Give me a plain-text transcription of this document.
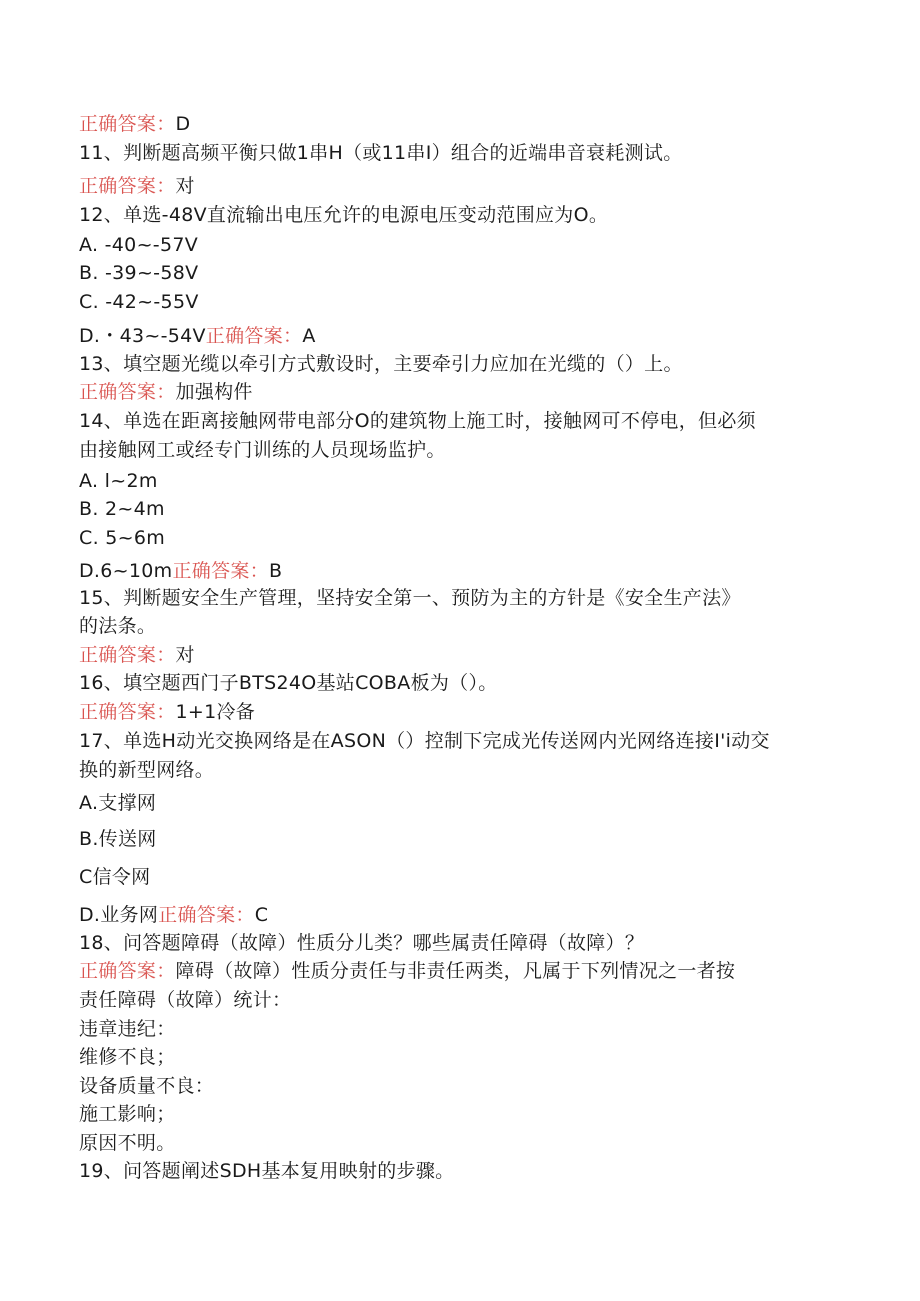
正确答案：D
11、判断题高频平衡只做1串H（或11串I）组合的近端串音衰耗测试。
正确答案：对
12、单选-48V直流输出电压允许的电源电压变动范围应为O。
A. -40~-57V
B. -39~-58V
C. -42~-55V
D.・43~-54V正确答案：A
13、填空题光缆以牵引方式敷设时，主要牵引力应加在光缆的（）上。
正确答案：加强构件
14、单选在距离接触网带电部分O的建筑物上施工时，接触网可不停电，但必须
由接触网工或经专门训练的人员现场监护。
A. l~2m
B. 2~4m
C. 5~6m
D.6~10m正确答案：B
15、判断题安全生产管理，坚持安全第一、预防为主的方针是《安全生产法》
的法条。
正确答案：对
16、填空题西门子BTS24O基站COBA板为（）。
正确答案：1+1冷备
17、单选H动光交换网络是在ASON（）控制下完成光传送网内光网络连接I'i动交
换的新型网络。
A.支撑网
B.传送网
C信令网
D.业务网正确答案：C
18、问答题障碍（故障）性质分儿类？哪些属责任障碍（故障）？
正确答案：障碍（故障）性质分责任与非责任两类，凡属于下列情况之一者按
责任障碍（故障）统计：
违章违纪：
维修不良；
设备质量不良：
施工影响；
原因不明。
19、问答题阐述SDH基本复用映射的步骤。
